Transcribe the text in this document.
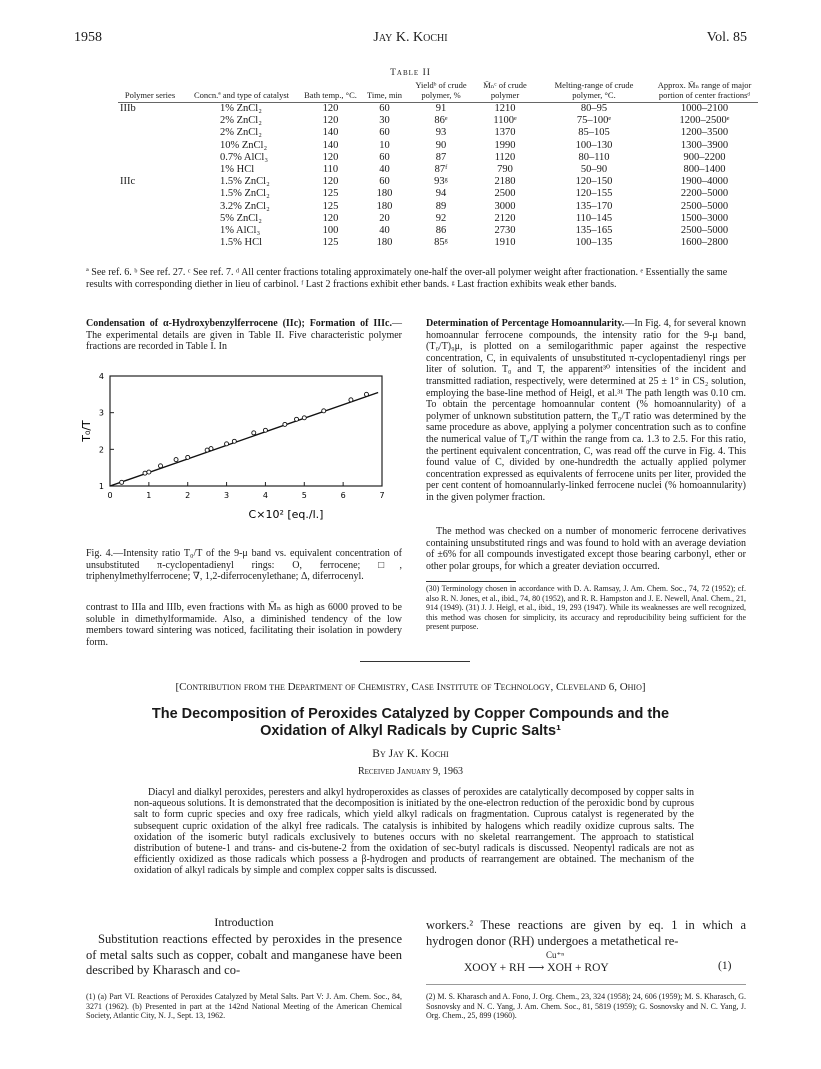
1958	Jay K. Kochi	Vol. 85
Table II
Polymer series	Concn.ª and type of catalyst	Bath temp., °C.	Time, min	Yieldᵇ of crude polymer, %	M̄ₙᶜ of crude polymer	Melting-range of crude polymer, °C.	Approx. M̄ₙ range of major portion of center fractionsᵈ
IIIb	1% ZnCl₂	120	60	91	1210	80–95	1000–2100
	2% ZnCl₂	120	30	86ᵉ	1100ᵉ	75–100ᵉ	1200–2500ᵉ
	2% ZnCl₂	140	60	93	1370	85–105	1200–3500
	10% ZnCl₂	140	10	90	1990	100–130	1300–3900
	0.7% AlCl₃	120	60	87	1120	80–110	900–2200
	1% HCl	110	40	87ᶠ	790	50–90	800–1400
IIIc	1.5% ZnCl₂	120	60	93ᵍ	2180	120–150	1900–4000
	1.5% ZnCl₂	125	180	94	2500	120–155	2200–5000
	3.2% ZnCl₂	125	180	89	3000	135–170	2500–5000
	5% ZnCl₂	120	20	92	2120	110–145	1500–3000
	1% AlCl₃	100	40	86	2730	135–165	2500–5000
	1.5% HCl	125	180	85ᵍ	1910	100–135	1600–2800
ª See ref. 6. ᵇ See ref. 27. ᶜ See ref. 7. ᵈ All center fractions totaling approximately one-half the over-all polymer weight after fractionation. ᵉ Essentially the same results with corresponding diether in lieu of carbinol. ᶠ Last 2 fractions exhibit ether bands. ᵍ Last fraction exhibits weak ether bands.
Condensation of α-Hydroxybenzylferrocene (IIc); Formation of IIIc.—The experimental details are given in Table II. Five characteristic polymer fractions are recorded in Table I. In
0	1	2	3	4	5	6	7
1
2
3
4
C×10² [eq./l.]
T₀/T
Fig. 4.—Intensity ratio T₀/T of the 9-μ band vs. equivalent concentration of unsubstituted π-cyclopentadienyl rings: O, ferrocene; □, triphenylmethylferrocene; ∇, 1,2-diferrocenylethane; Δ, diferrocenyl.
contrast to IIIa and IIIb, even fractions with M̄ₙ as high as 6000 proved to be soluble in dimethylformamide. Also, a diminished tendency of the low members toward sintering was noticed, facilitating their isolation in powdery form.
Determination of Percentage Homoannularity.—In Fig. 4, for several known homoannular ferrocene compounds, the intensity ratio for the 9-μ band, (T₀/T)₉μ, is plotted on a semilogarithmic paper against the respective concentration, C, in equivalents of unsubstituted π-cyclopentadienyl rings per liter of solution. T₀ and T, the apparent³⁰ intensities of the incident and transmitted radiation, respectively, were determined at 25 ± 1° in CS₂ solution, employing the base-line method of Heigl, et al.³¹ The path length was 0.10 cm. To obtain the percentage homoannular content (% homoannularity) of a polymer of unknown substitution pattern, the T₀/T ratio was determined by the same procedure as above, applying a polymer concentration such as to confine the numerical value of T₀/T within the range from ca. 1.3 to 2.5. For this ratio, the pertinent equivalent concentration, C, was read off the curve in Fig. 4. This found value of C, divided by one-hundredth the actually applied polymer concentration expressed as equivalents of ferrocene units per liter, provided the per cent content of homoannularly-linked ferrocene nuclei (% homoannularity) in the given polymer fraction.
The method was checked on a number of monomeric ferrocene derivatives containing unsubstituted rings and was found to hold with an average deviation of ±6% for all compounds investigated except those bearing carbonyl, ether or other polar groups, for which a greater deviation occurred.
(30) Terminology chosen in accordance with D. A. Ramsay, J. Am. Chem. Soc., 74, 72 (1952); cf. also R. N. Jones, et al., ibid., 74, 80 (1952), and R. R. Hampston and J. E. Newell, Anal. Chem., 21, 914 (1949). (31) J. J. Heigl, et al., ibid., 19, 293 (1947). While its weaknesses are well recognized, this method was chosen for simplicity, its accuracy and reproducibility being sufficient for the present purpose.
[Contribution from the Department of Chemistry, Case Institute of Technology, Cleveland 6, Ohio]
The Decomposition of Peroxides Catalyzed by Copper Compounds and the Oxidation of Alkyl Radicals by Cupric Salts¹
By Jay K. Kochi
Received January 9, 1963
Diacyl and dialkyl peroxides, peresters and alkyl hydroperoxides as classes of peroxides are catalytically decomposed by copper salts in non-aqueous solutions. It is demonstrated that the decomposition is initiated by the one-electron reduction of the peroxidic bond by cuprous salt to form cupric species and oxy free radicals, which yield alkyl radicals on fragmentation. Cuprous catalyst is regenerated by the subsequent cupric oxidation of the alkyl free radicals. The catalysis is inhibited by halogens which readily oxidize cuprous salts. The oxidation of the isomeric butyl radicals exclusively to butenes occurs with no skeletal rearrangement. The approach to statistical distribution of butene-1 and trans- and cis-butene-2 from the oxidation of sec-butyl radicals is discussed. Neopentyl radicals are not as efficiently oxidized as those radicals which possess a β-hydrogen and products of rearrangement are obtained. The mechanism of the oxidation of alkyl radicals by simple and complex copper salts is discussed.
Introduction
Substitution reactions effected by peroxides in the presence of metal salts such as copper, cobalt and manganese have been described by Kharasch and co-
(1) (a) Part VI. Reactions of Peroxides Catalyzed by Metal Salts. Part V: J. Am. Chem. Soc., 84, 3271 (1962). (b) Presented in part at the 142nd National Meeting of the American Chemical Society, Atlantic City, N. J., Sept. 13, 1962.
workers.² These reactions are given by eq. 1 in which a hydrogen donor (RH) undergoes a metathetical re-
Cu⁺ⁿ
XOOY + RH ⟶ XOH + ROY	(1)
(2) M. S. Kharasch and A. Fono, J. Org. Chem., 23, 324 (1958); 24, 606 (1959); M. S. Kharasch, G. Sosnovsky and N. C. Yang, J. Am. Chem. Soc., 81, 5819 (1959); G. Sosnovsky and N. C. Yang, J. Org. Chem., 25, 899 (1960).
